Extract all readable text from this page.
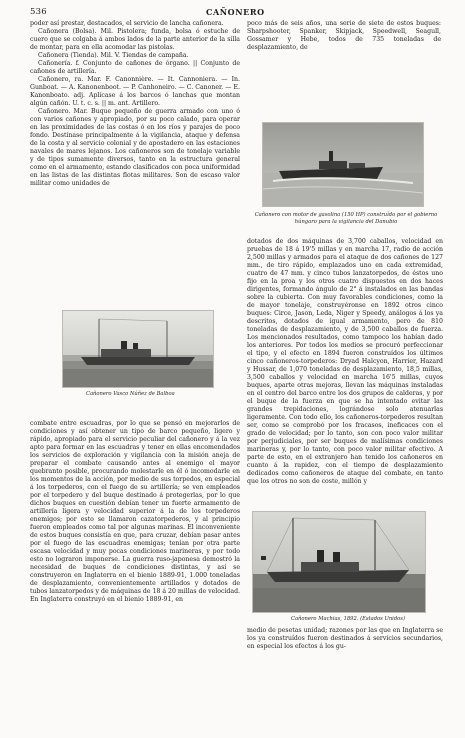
536	CAÑONERO

poder así prestar, destacados, el servicio de lancha cañonera.

Cañonera (Bolsa). Mil. Pistolera; funda, bolsa ó estuche de cuero que se colgaba á ambos lados de la parte anterior de la silla de montar, para en ella acomodar las pistolas.

Cañonera (Tienda). Mil. V. Tiendas de campaña.

Cañonería. f. Conjunto de cañones de órgano. || Conjunto de cañones de artillería.

Cañonero, ra. Mar. F. Canonnière. — It. Cannoniera. — In. Gunboat. — A. Kanonenboot. — P. Canhoneiro. — C. Canoner. — E. Kanonboato. adj. Aplícase á los barcos ó lanchas que montan algún cañón. U. t. c. s. || m. ant. Artillero.

Cañonero. Mar. Buque pequeño de guerra armado con uno ó con varios cañones y apropiado, por su poco calado, para operar en las proximidades de las costas ó en los ríos y parajes de poco fondo. Destínase principalmente á la vigilancia, ataque y defensa de la costa y al servicio colonial y de apostadero en las estaciones navales de mares lejanos. Los cañoneros son de tonelaje variable y de tipos sumamente diversos, tanto en la estructura general como en el armamento, estando clasificados con poca uniformidad en las listas de las distintas flotas militares. Son de escaso valor militar como unidades de

Cañonero Vasco Núñez de Balboa

combate entre escuadras, por lo que se pensó en mejorarlos de condiciones y así obtener un tipo de barco pequeño, ligero y rápido, apropiado para el servicio peculiar del cañonero y á la vez apto para formar en las escuadras y tener en ellas encomendados los servicios de exploración y vigilancia con la misión aneja de preparar el combate causando antes al enemigo el mayor quebranto posible, procurando molestarle en él ó incomodarle en los momentos de la acción, por medio de sus torpedos, en especial á los torpederos, con el fuego de su artillería; se ven empleados por el torpedero y del buque destinado á protegerlas, por lo que dichos buques en cuestión debían tener un fuerte armamento de artillería ligera y velocidad superior á la de los torpederos enemigos; por esto se llamaron cazatorpederos, y al principio fueron empleados como tal por algunas marinas. El inconveniente de estos buques consistía en que, para cruzar, debían pasar antes por el fuego de las escuadras enemigas; tenían por otra parte escasa velocidad y muy pocas condiciones marineras, y por todo esto no lograron imponerse. La guerra ruso-japonesa demostró la necesidad de buques de condiciones distintas, y así se construyeron en Inglaterra en el bienio 1889-91, 1.000 toneladas de desplazamiento, convenientemente artillados y dotados de tubos lanzatorpedos y de máquinas de 18 á 20 millas de velocidad. En Inglaterra construyó en el bienio 1889-91, en

poco más de seis años, una serie de siete de estos buques: Sharpshooter, Spanker, Skipjack, Speedwell, Seagull, Gossamer y Hebe, todos de 735 toneladas de desplazamiento, de

Cañonero con motor de gasolina (150 HP) construído por el gobierno húngaro para la vigilancia del Danubio

dotados de dos máquinas de 3,700 caballos, velocidad en pruebas de 18 á 19'5 millas y en marcha 17, radio de acción 2,500 millas y armados para el ataque de dos cañones de 127 mm., de tiro rápido, emplazados uno en cada extremidad, cuatro de 47 mm. y cinco tubos lanzatorpedos, de éstos uno fijo en la proa y los otros cuatro dispuestos en dos haces dirigentes, formando ángulo de 2° á instalados en las bandas sobre la cubierta. Con muy favorables condiciones, como la de mayor tonelaje, construyéronse en 1892 otros cinco buques: Circe, Jason, Leda, Niger y Speedy, análogos á los ya descritos, dotados de igual armamento, pero de 810 toneladas de desplazamiento, y de 3,500 caballos de fuerza. Los mencionados resultados, como tampoco los habían dado los anteriores. Por todos los medios se procuró perfeccionar el tipo, y el efecto en 1894 fueron construídos los últimos cinco cañoneros-torpederos: Dryad Halcyon, Harrier, Hazard y Hussar, de 1,070 toneladas de desplazamiento, 18,5 millas, 3,500 caballos y velocidad en marcha 16'5 millas, cuyos buques, aparte otras mejoras, llevan las máquinas instaladas en el centro del barco entre los dos grupos de calderas, y por el buque de la fuerza en que se ha intentado evitar las grandes trepidaciones, lográndose solo atenuarlas ligeramente. Con todo ello, los cañoneros-torpederos resultan ser, como se comprobó por los fracasos, ineficaces con el grado de velocidad; por lo tanto, son con poco valor militar por perjudiciales, por ser buques de malísimas condiciones marineras y, por lo tanto, con poco valor militar efectivo. A parte de esto, en el extranjero han tenido los cañoneros en cuanto á la rapidez, con el tiempo de desplazamiento dedicados como cañoneros de ataque del combate, en tanto que los otros no son de coste, millón y

Cañonero Machias, 1892. (Estados Unidos)

medio de pesetas unidad; razones por las que en Inglaterra se los ya construídos fueron destinados á servicios secundarios, en especial los efectos á los gu-
